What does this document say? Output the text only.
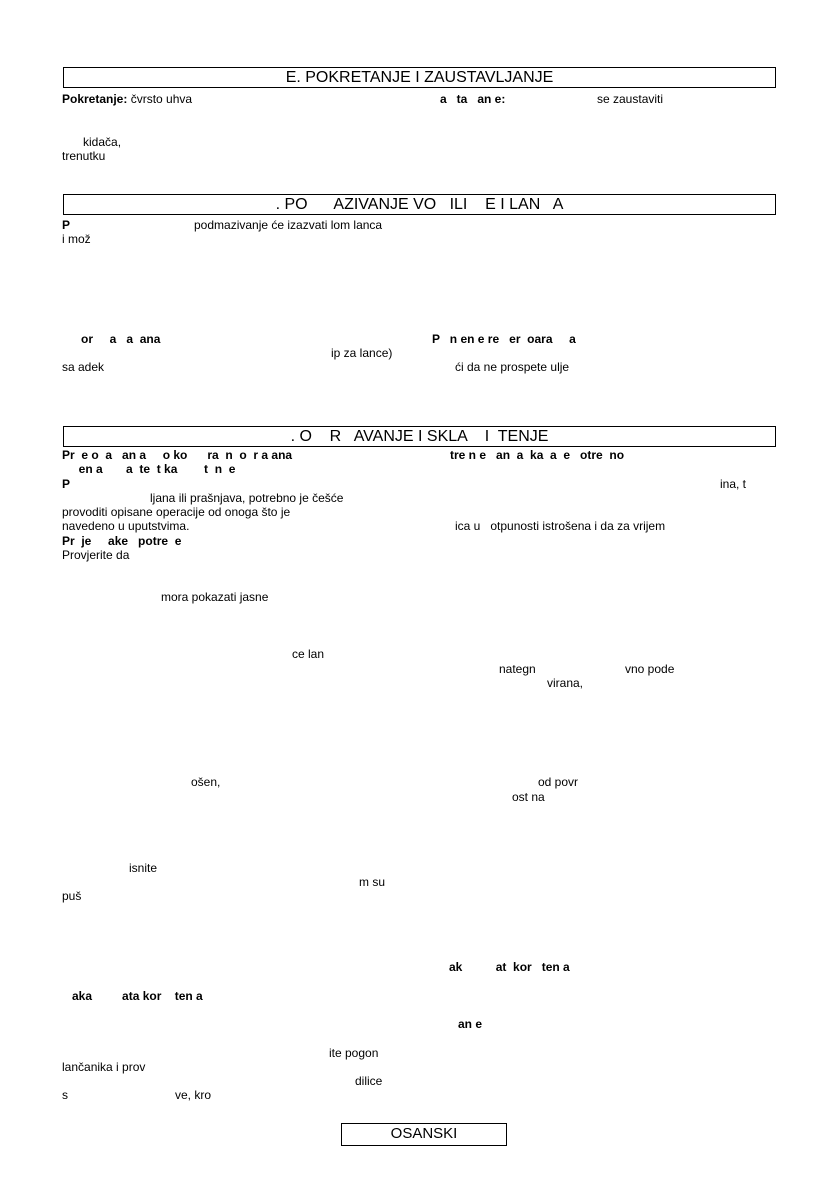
E. POKRETANJE I ZAUSTAVLJANJE
Pokretanje: čvrsto uhva	a   ta   an e:	se zaustaviti
kidača,
trenutku
. PO      AZIVANJE VO   ILI    E I LAN   A
P	podmazivanje će izazvati lom lanca
i mož
or     a   a  ana	P   n en e re   er  oara     a
ip za lance)
sa adek	ći da ne prospete ulje
. O    R   AVANJE I SKLA    I  TENJE
Pr  e o  a   an a     o ko      ra  n  o  r a ana	tre n e   an  a  ka  a  e   otre  no
en a       a  te  t ka        t  n  e
P	ina, t
ljana ili prašnjava, potrebno je češće
provoditi opisane operacije od onoga što je
navedeno u uputstvima.	ica u   otpunosti istrošena i da za vrijem
Pr  je     ake   potre  e
Provjerite da
mora pokazati jasne
ce lan
nategn	vno pode
virana,
ošen,	od povr
ost na
isnite
m su
puš
ak          at  kor   ten a
aka         ata kor    ten a
an e
ite pogon
lančanika i prov
dilice
s	ve, kro
OSANSKI
